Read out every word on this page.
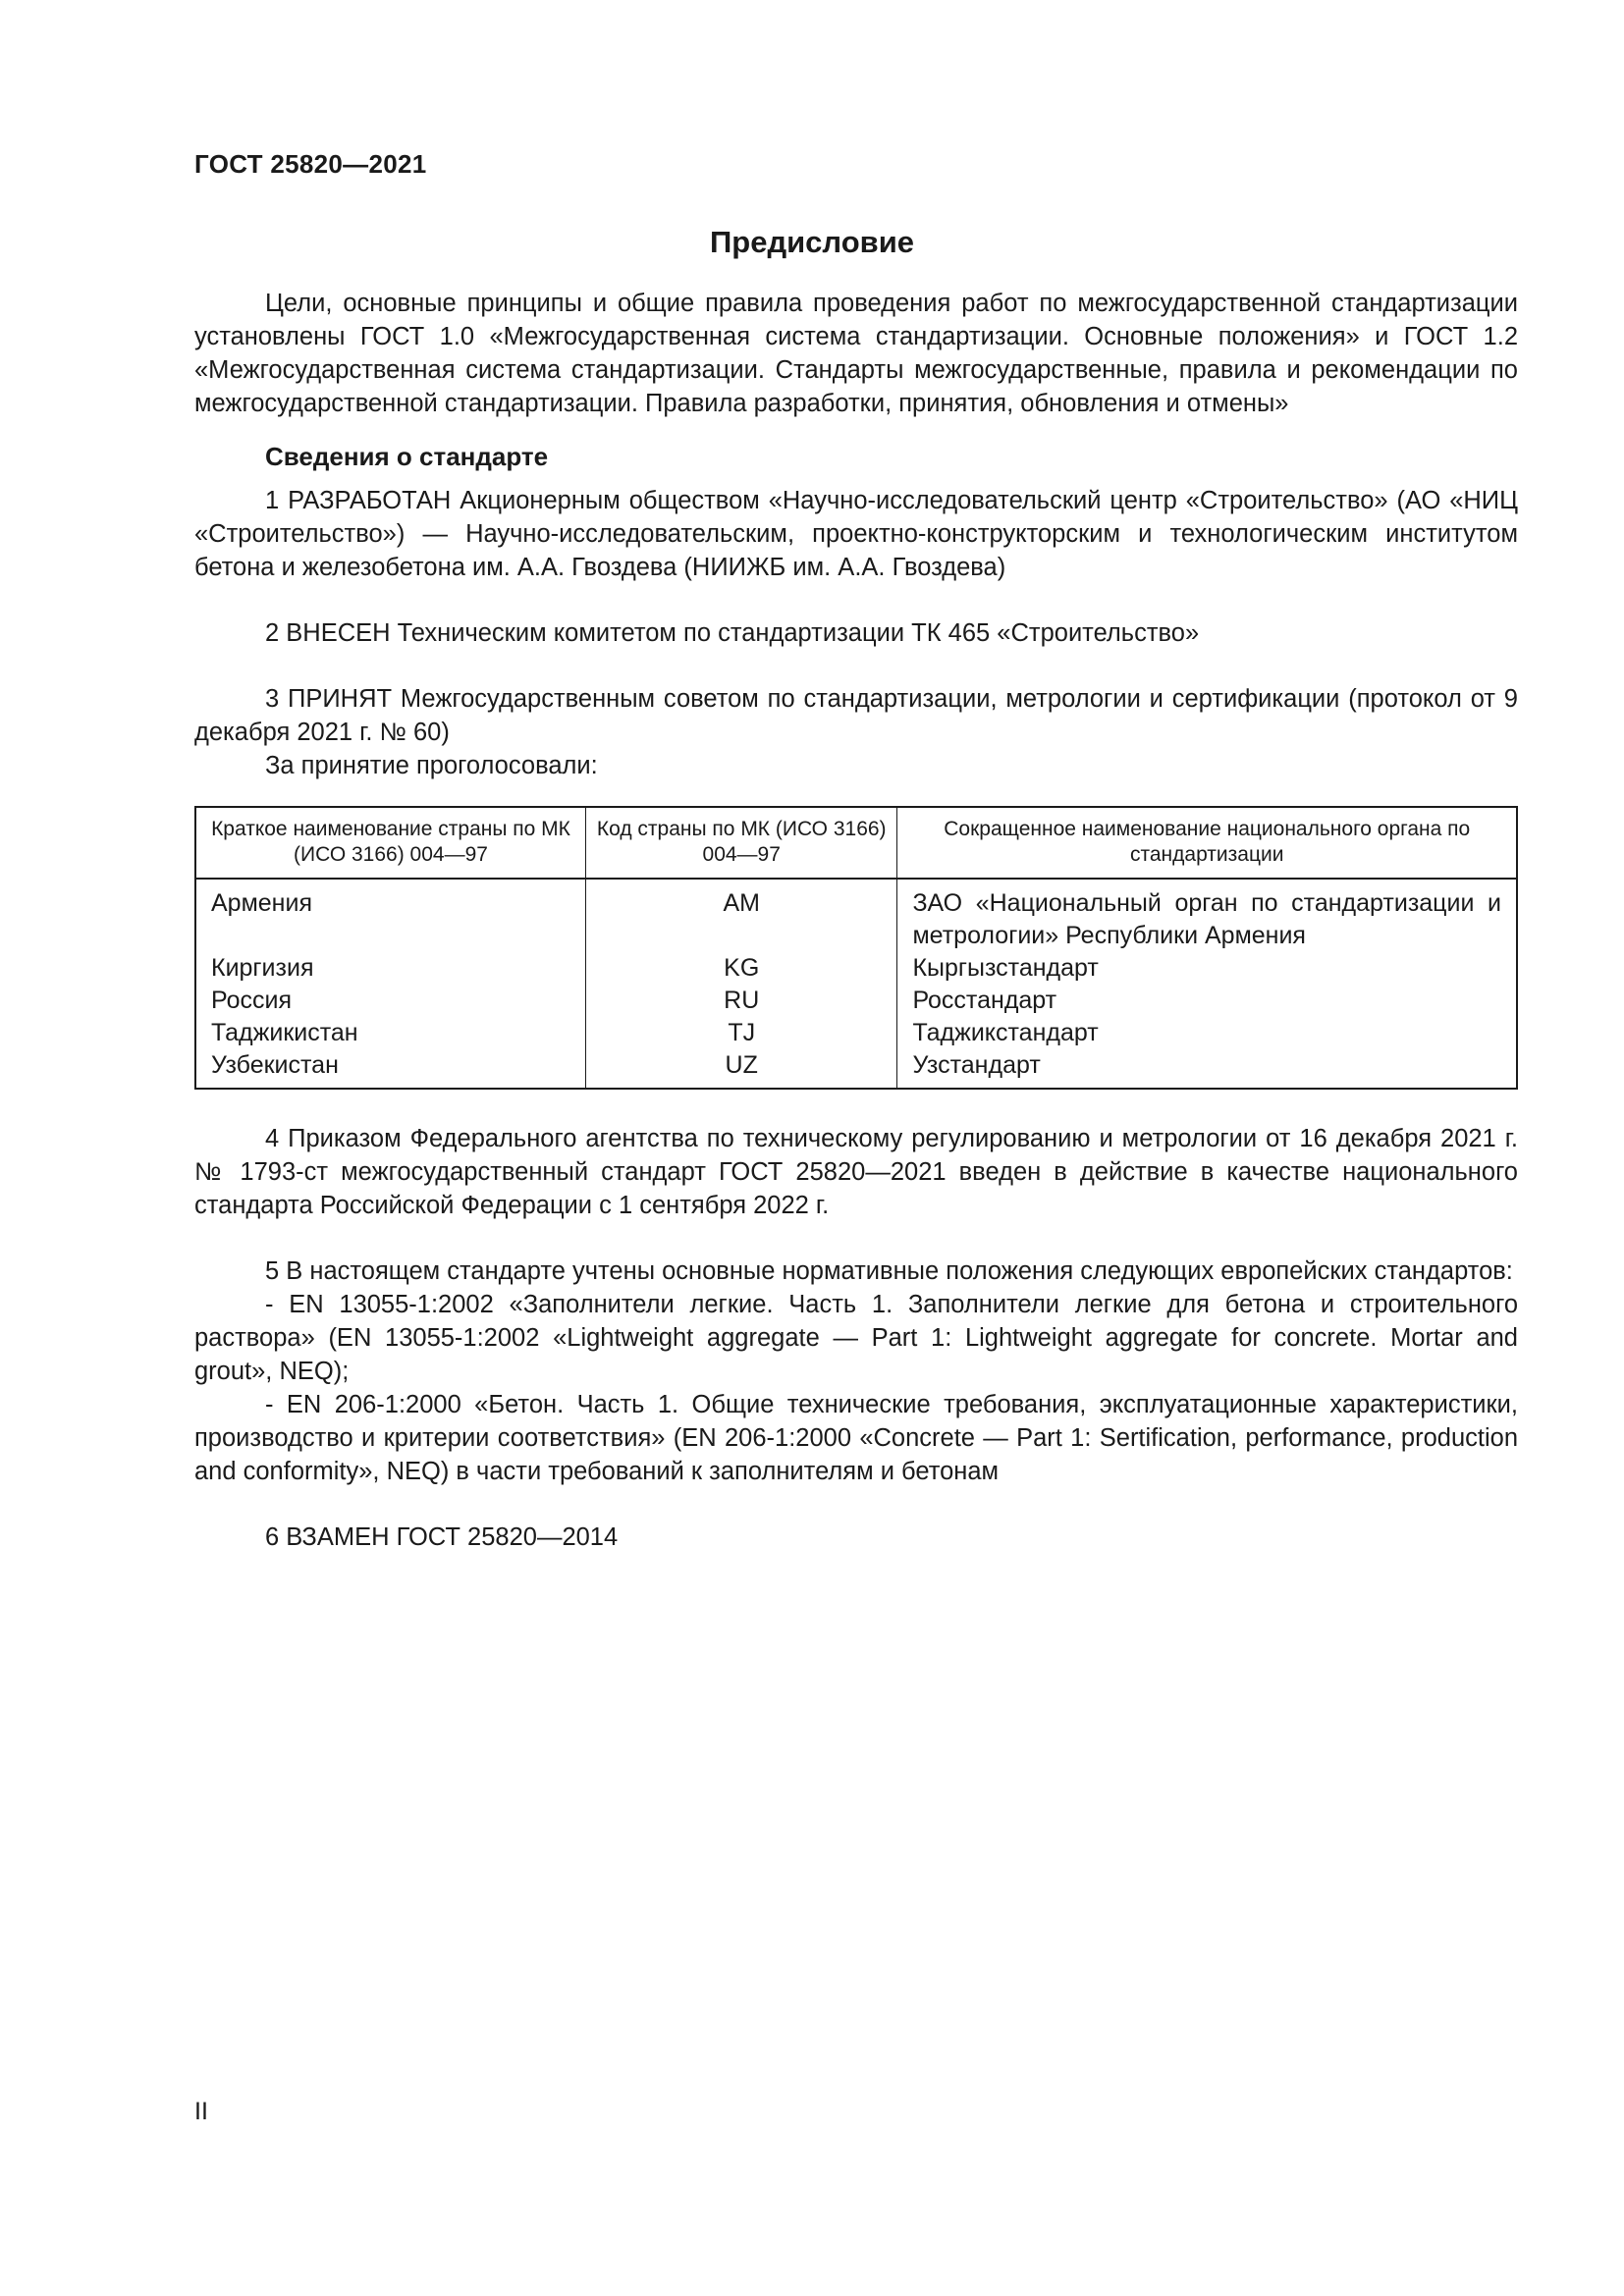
ГОСТ 25820—2021
Предисловие

Цели, основные принципы и общие правила проведения работ по межгосударственной стандартизации установлены ГОСТ 1.0 «Межгосударственная система стандартизации. Основные положения» и ГОСТ 1.2 «Межгосударственная система стандартизации. Стандарты межгосударственные, правила и рекомендации по межгосударственной стандартизации. Правила разработки, принятия, обновления и отмены»

Сведения о стандарте

1 РАЗРАБОТАН Акционерным обществом «Научно-исследовательский центр «Строительство» (АО «НИЦ «Строительство») — Научно-исследовательским, проектно-конструкторским и технологическим институтом бетона и железобетона им. А.А. Гвоздева (НИИЖБ им. А.А. Гвоздева)

2 ВНЕСЕН Техническим комитетом по стандартизации ТК 465 «Строительство»

3 ПРИНЯТ Межгосударственным советом по стандартизации, метрологии и сертификации (протокол от 9 декабря 2021 г. № 60)

За принятие проголосовали:

Краткое наименование страны по МК (ИСО 3166) 004—97	Код страны по МК (ИСО 3166) 004—97	Сокращенное наименование национального органа по стандартизации
Армения	AM	ЗАО «Национальный орган по стандартизации и метрологии» Республики Армения
Киргизия	KG	Кыргызстандарт
Россия	RU	Росстандарт
Таджикистан	TJ	Таджикстандарт
Узбекистан	UZ	Узстандарт

4 Приказом Федерального агентства по техническому регулированию и метрологии от 16 декабря 2021 г. № 1793-ст межгосударственный стандарт ГОСТ 25820—2021 введен в действие в качестве национального стандарта Российской Федерации с 1 сентября 2022 г.

5 В настоящем стандарте учтены основные нормативные положения следующих европейских стандартов:

- EN 13055-1:2002 «Заполнители легкие. Часть 1. Заполнители легкие для бетона и строительного раствора» (EN 13055-1:2002 «Lightweight aggregate — Part 1: Lightweight aggregate for concrete. Mortar and grout», NEQ);

- EN 206-1:2000 «Бетон. Часть 1. Общие технические требования, эксплуатационные характеристики, производство и критерии соответствия» (EN 206-1:2000 «Concrete — Part 1: Sertification, performance, production and conformity», NEQ) в части требований к заполнителям и бетонам

6 ВЗАМЕН ГОСТ 25820—2014

II
